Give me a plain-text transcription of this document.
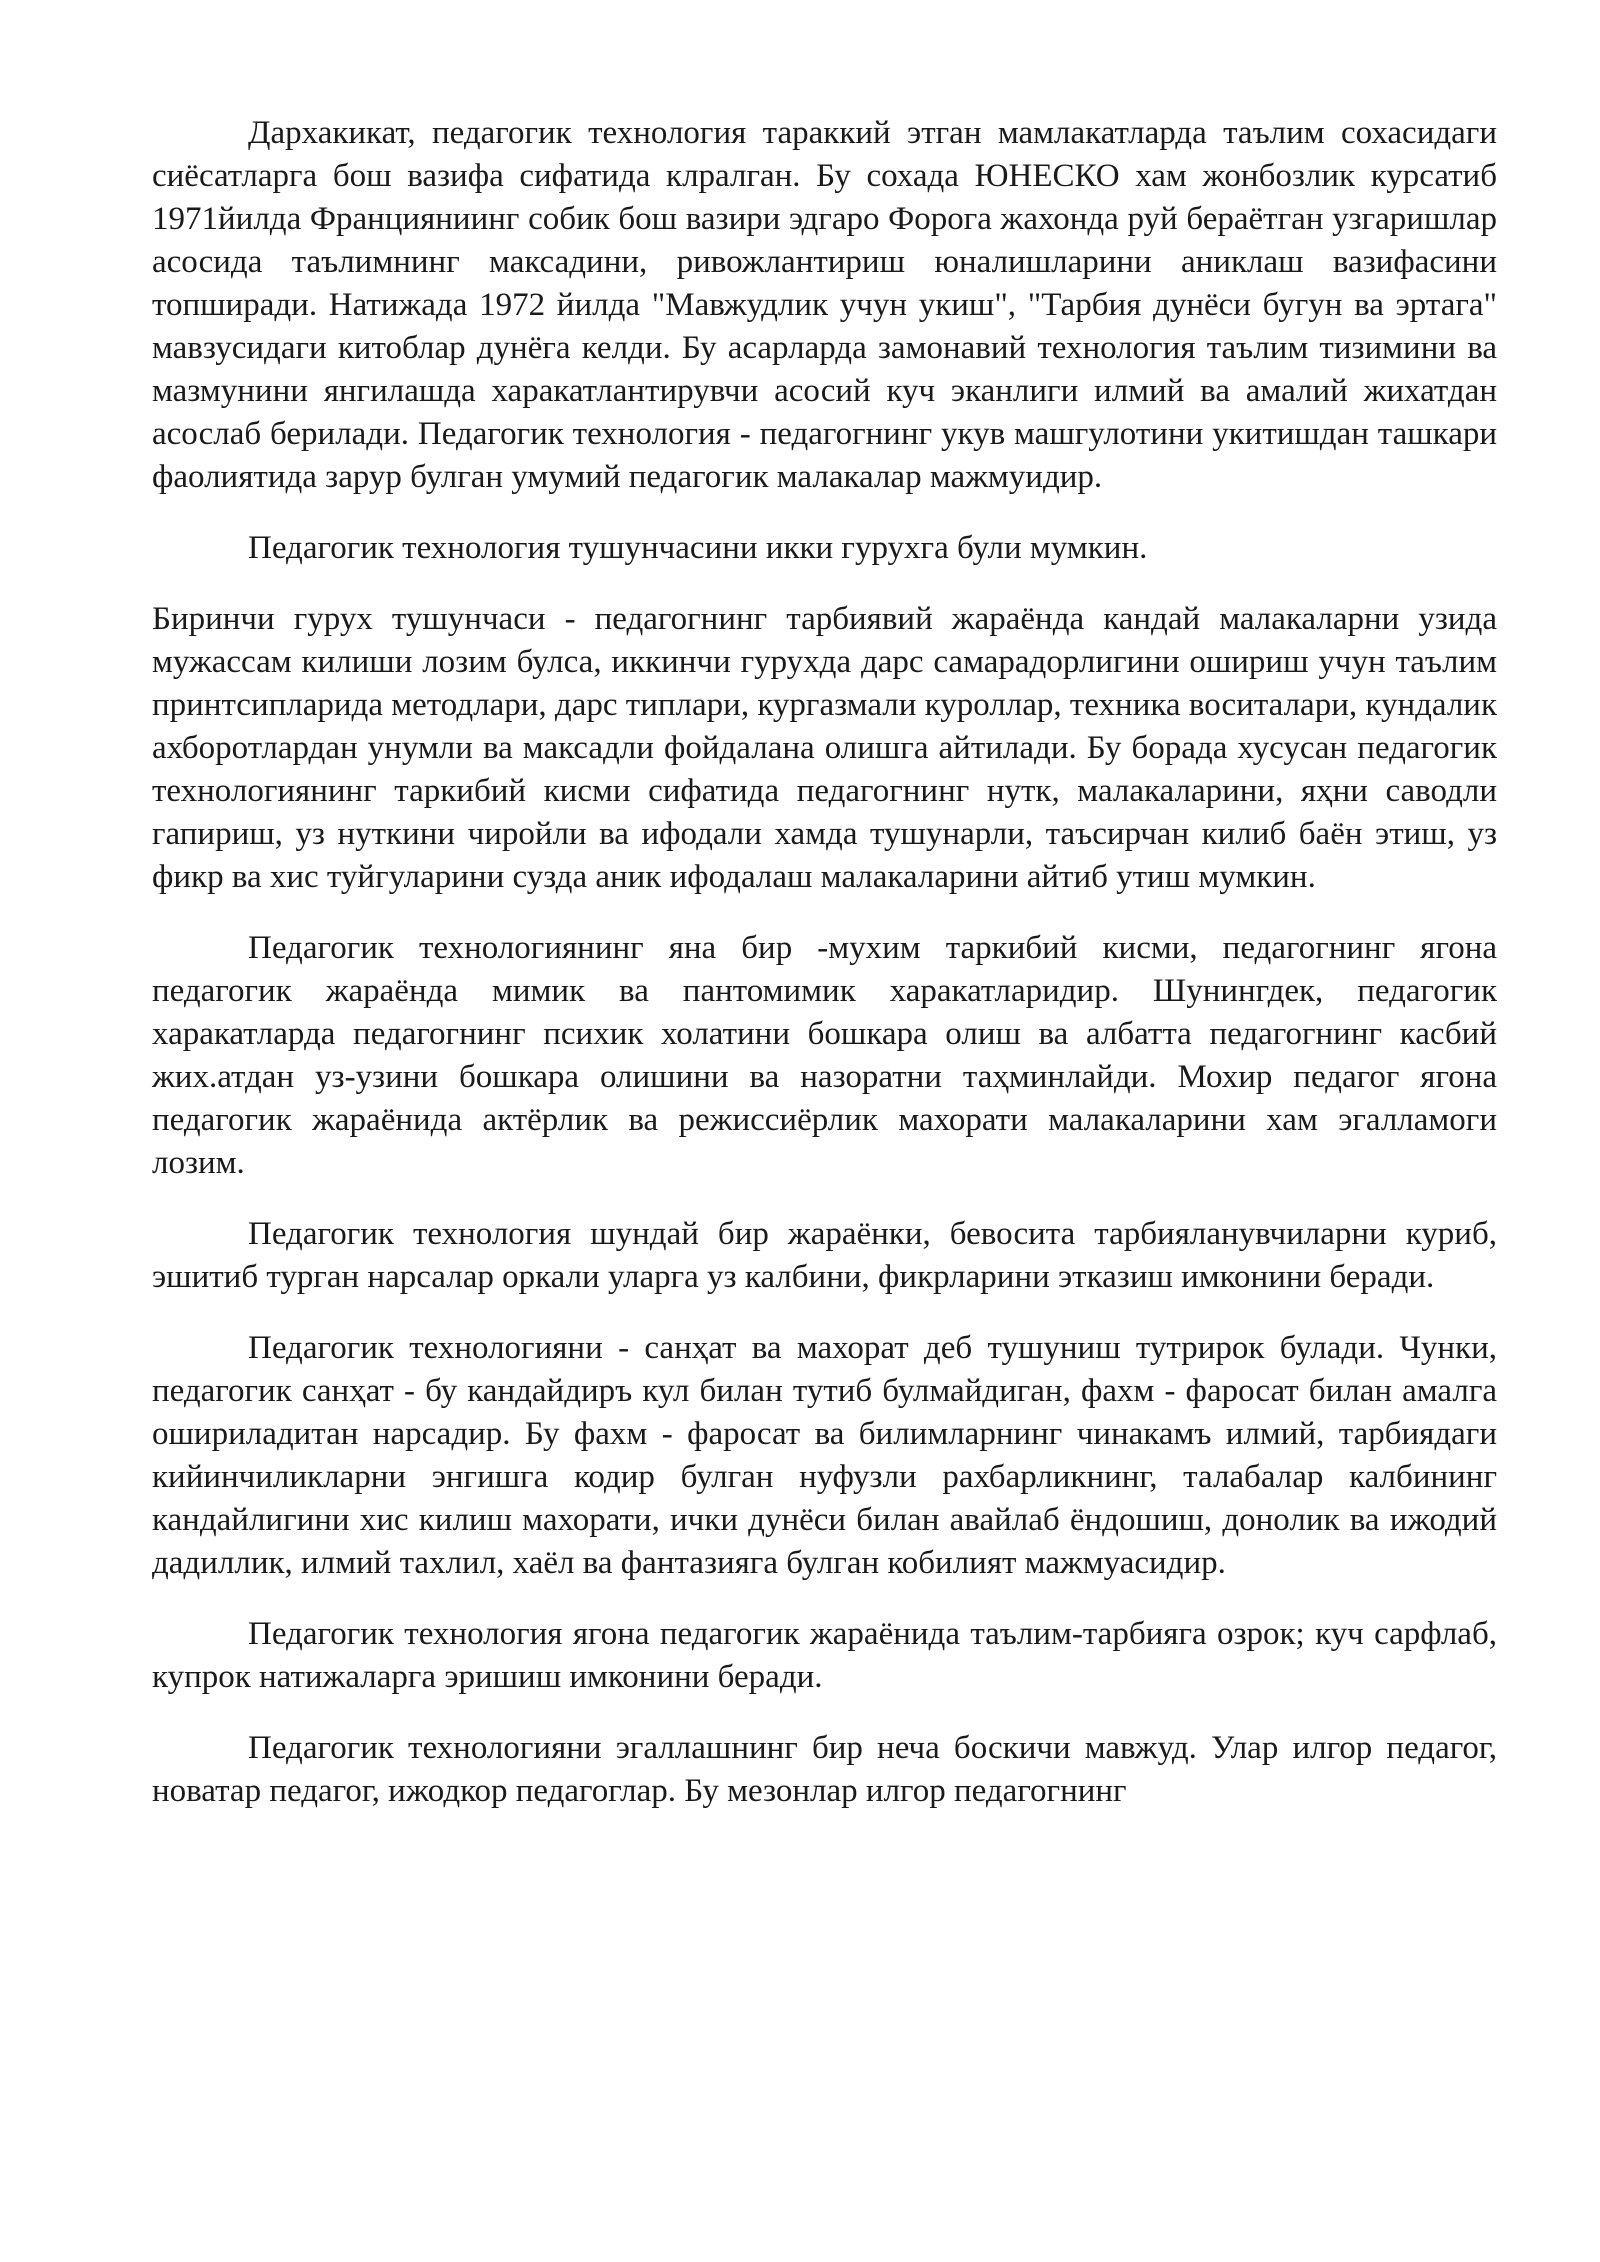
Дархакикат, педагогик технология тараккий этган мамлакатларда таълим сохасидаги сиёсатларга бош вазифа сифатида клралган. Бу сохада ЮНЕСКО хам жонбозлик курсатиб 1971йилда Францияниинг собик бош вазири эдгаро Форога жахонда руй бераётган узгаришлар асосида таълимнинг максадини, ривожлантириш юналишларини аниклаш вазифасини топширади. Натижада 1972 йилда "Мавжудлик учун укиш", "Тарбия дунёси бугун ва эртага" мавзусидаги китоблар дунёга келди. Бу асарларда замонавий технология таълим тизимини ва мазмунини янгилашда харакатлантирувчи асосий куч эканлиги илмий ва амалий жихатдан асослаб берилади. Педагогик технология - педагогнинг укув машгулотини укитишдан ташкари фаолиятида зарур булган умумий педагогик малакалар мажмуидир.

Педагогик технология тушунчасини икки гурухга були мумкин.

Биринчи гурух тушунчаси - педагогнинг тарбиявий жараёнда кандай малакаларни узида мужассам килиши лозим булса, иккинчи гурухда дарс самарадорлигини ошириш учун таълим принтсипларида методлари, дарс типлари, кургазмали куроллар, техника воситалари, кундалик ахборотлардан унумли ва максадли фойдалана олишга айтилади. Бу борада хусусан педагогик технологиянинг таркибий кисми сифатида педагогнинг нутк, малакаларини, яҳни саводли гапириш, уз нуткини чиройли ва ифодали хамда тушунарли, таъсирчан килиб баён этиш, уз фикр ва хис туйгуларини сузда аник ифодалаш малакаларини айтиб утиш мумкин.

Педагогик технологиянинг яна бир -мухим таркибий кисми, педагогнинг ягона педагогик жараёнда мимик ва пантомимик харакатларидир. Шунингдек, педагогик харакатларда педагогнинг психик холатини бошкара олиш ва албатта педагогнинг касбий жих.атдан уз-узини бошкара олишини ва назоратни таҳминлайди. Мохир педагог ягона педагогик жараёнида актёрлик ва режиссиёрлик махорати малакаларини хам эгалламоги лозим.

Педагогик технология шундай бир жараёнки, бевосита тарбияланувчиларни куриб, эшитиб турган нарсалар оркали уларга уз калбини, фикрларини этказиш имконини беради.

Педагогик технологияни - санҳат ва махорат деб тушуниш тутрирок булади. Чунки, педагогик санҳат - бу кандайдиръ кул билан тутиб булмайдиган, фахм - фаросат билан амалга ошириладитан нарсадир. Бу фахм - фаросат ва билимларнинг чинакамъ илмий, тарбиядаги кийинчиликларни энгишга кодир булган нуфузли рахбарликнинг, талабалар калбининг кандайлигини хис килиш махорати, ички дунёси билан авайлаб ёндошиш, донолик ва ижодий дадиллик, илмий тахлил, хаёл ва фантазияга булган кобилият мажмуасидир.

Педагогик технология ягона педагогик жараёнида таълим-тарбияга озрок; куч сарфлаб, купрок натижаларга эришиш имконини беради.

Педагогик технологияни эгаллашнинг бир неча боскичи мавжуд. Улар илгор педагог, новатар педагог, ижодкор педагоглар. Бу мезонлар илгор педагогнинг
